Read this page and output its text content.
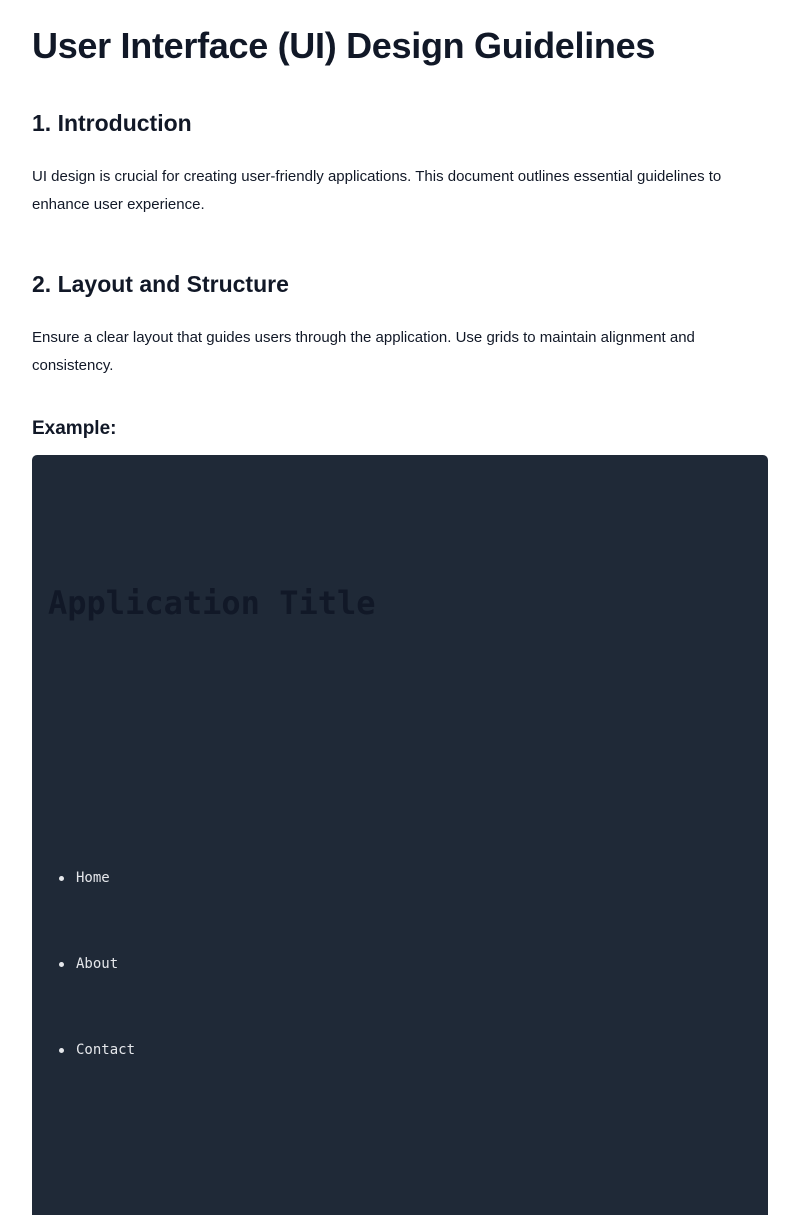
User Interface (UI) Design Guidelines
1. Introduction

UI design is crucial for creating user-friendly applications. This document outlines essential guidelines to enhance user experience.

2. Layout and Structure

Ensure a clear layout that guides users through the application. Use grids to maintain alignment and consistency.

Example:
Application Title
Home
About
Contact
